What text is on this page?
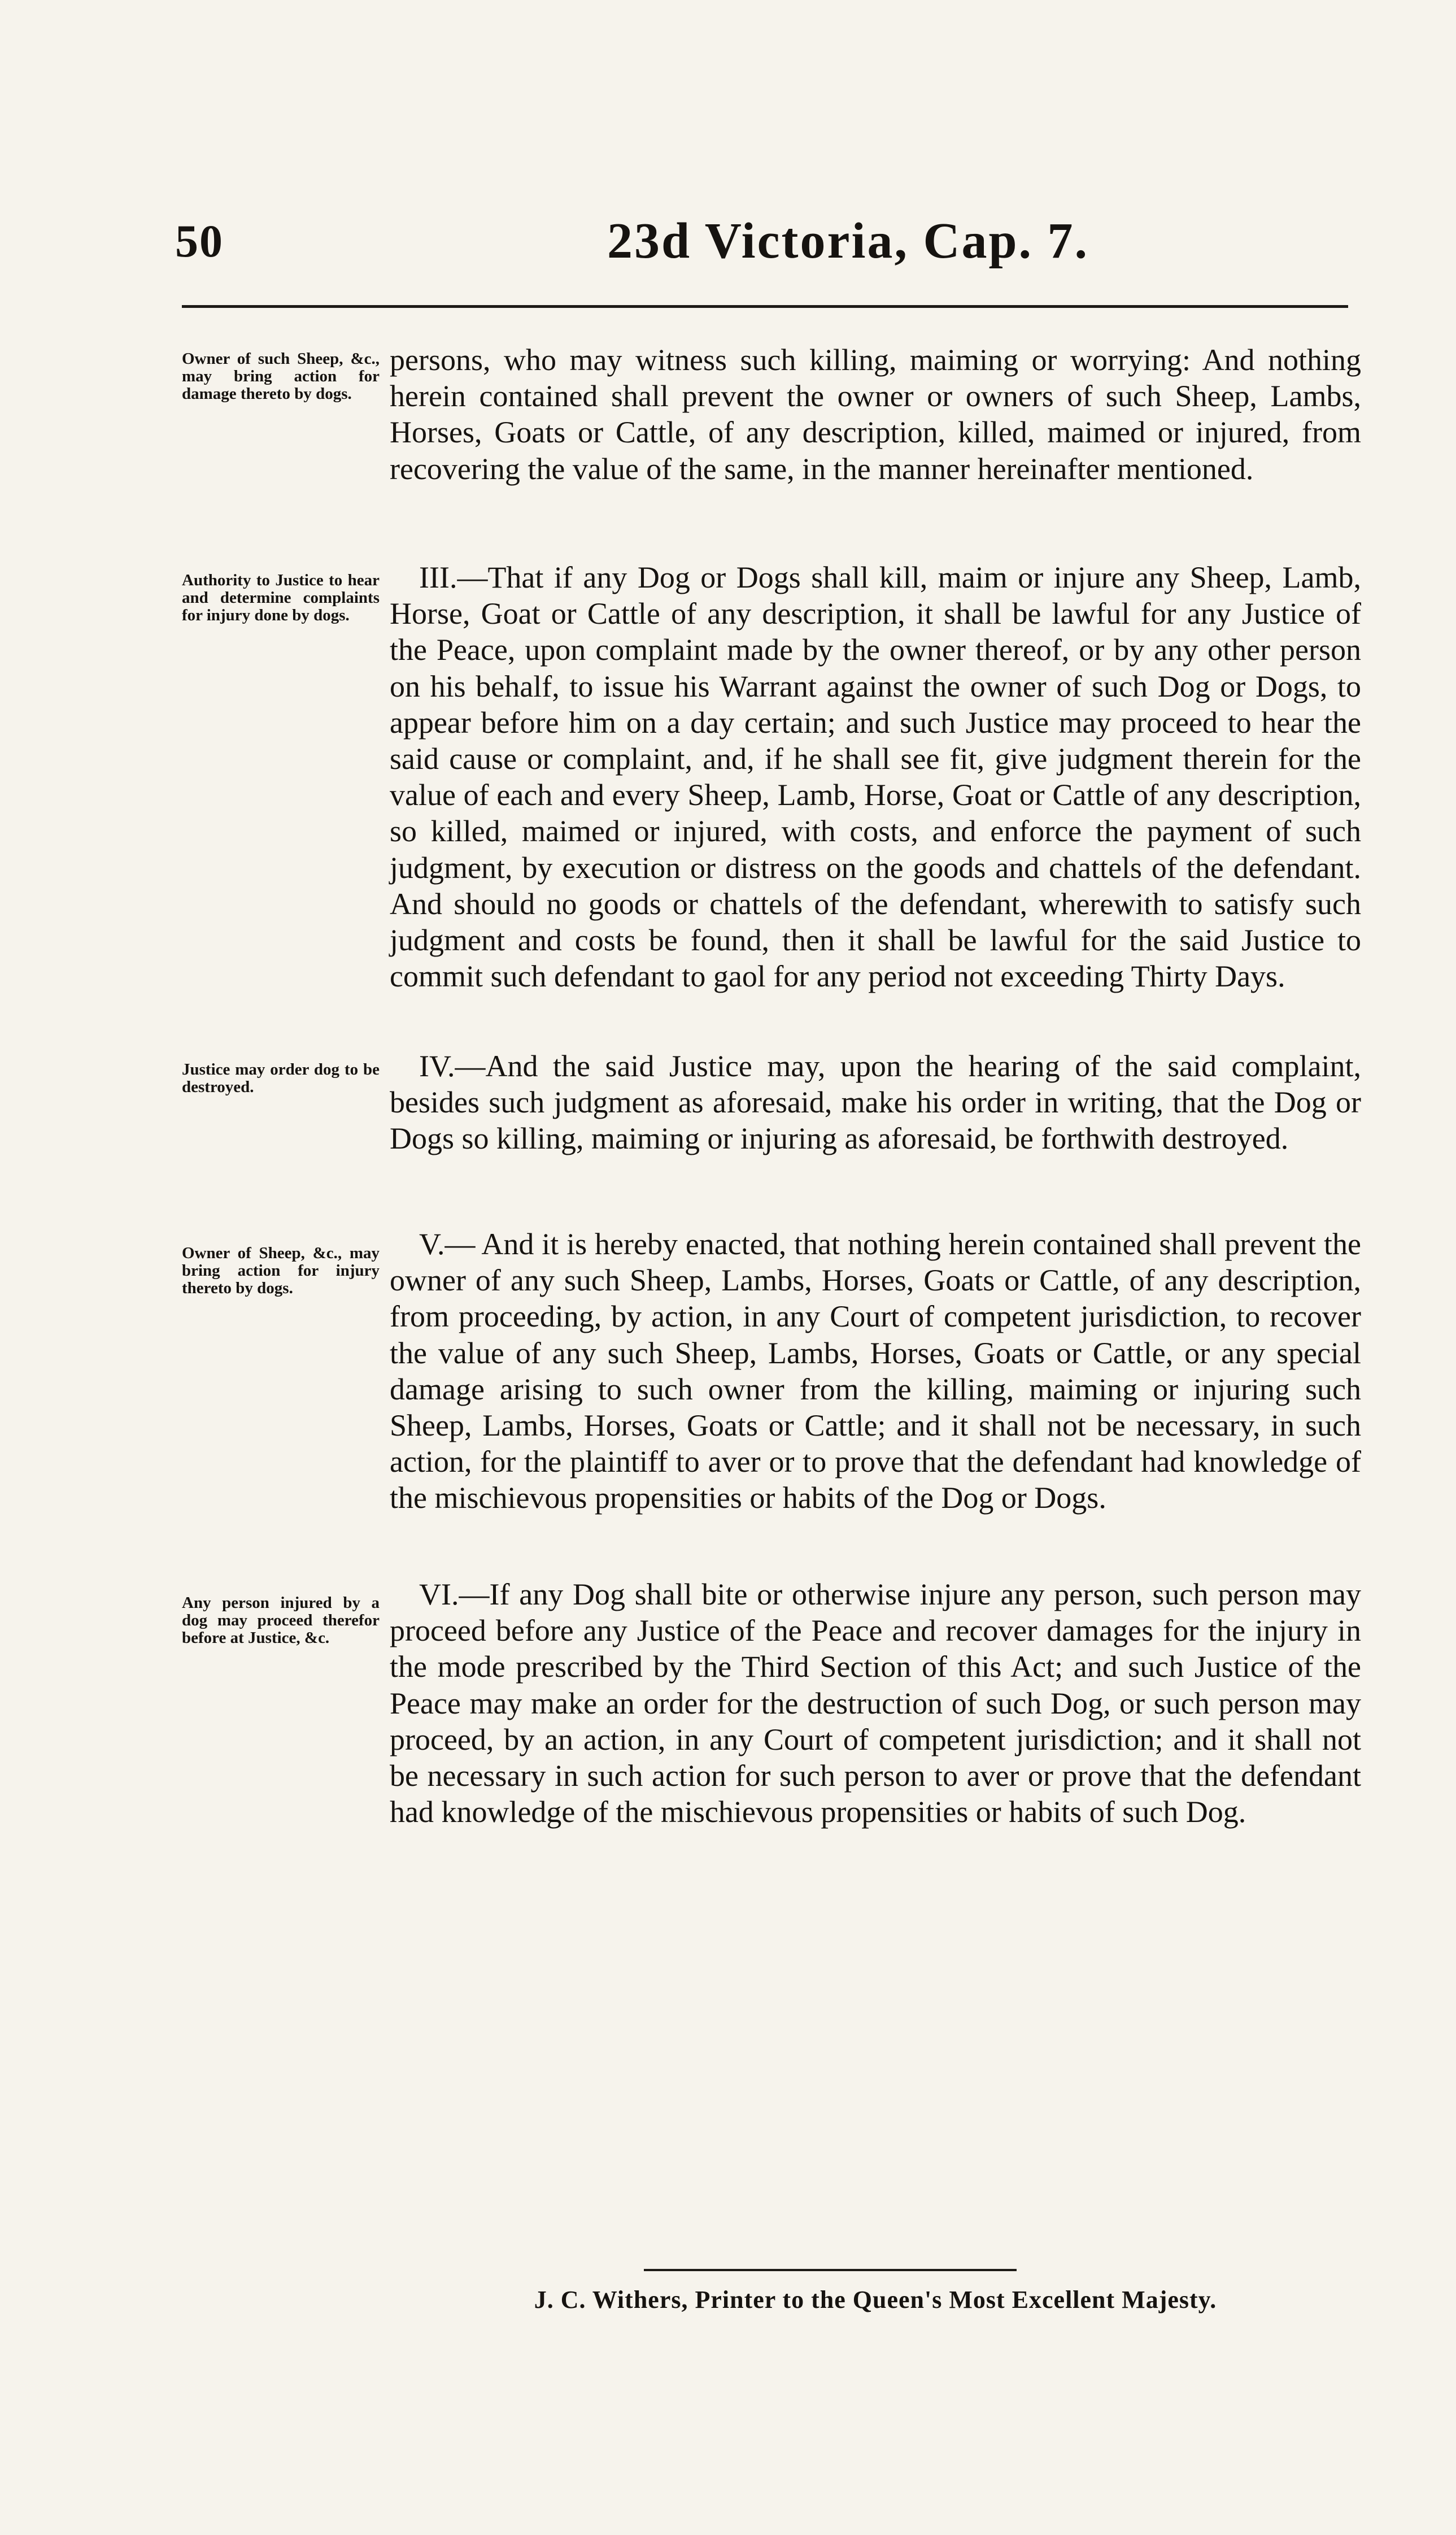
50	23d Victoria, Cap. 7.
Owner of such Sheep, &c., may bring action for damage thereto by dogs.

persons, who may witness such killing, maiming or worrying: And nothing herein contained shall prevent the owner or owners of such Sheep, Lambs, Horses, Goats or Cattle, of any description, killed, maimed or injured, from recovering the value of the same, in the manner hereinafter mentioned.

Authority to Justice to hear and determine complaints for injury done by dogs.

III.—That if any Dog or Dogs shall kill, maim or injure any Sheep, Lamb, Horse, Goat or Cattle of any description, it shall be lawful for any Justice of the Peace, upon complaint made by the owner thereof, or by any other person on his behalf, to issue his Warrant against the owner of such Dog or Dogs, to appear before him on a day certain; and such Justice may proceed to hear the said cause or complaint, and, if he shall see fit, give judgment therein for the value of each and every Sheep, Lamb, Horse, Goat or Cattle of any description, so killed, maimed or injured, with costs, and enforce the payment of such judgment, by execution or distress on the goods and chattels of the defendant. And should no goods or chattels of the defendant, wherewith to satisfy such judgment and costs be found, then it shall be lawful for the said Justice to commit such defendant to gaol for any period not exceeding Thirty Days.

Justice may order dog to be destroyed.

IV.—And the said Justice may, upon the hearing of the said complaint, besides such judgment as aforesaid, make his order in writing, that the Dog or Dogs so killing, maiming or injuring as aforesaid, be forthwith destroyed.

Owner of Sheep, &c., may bring action for injury thereto by dogs.

V.— And it is hereby enacted, that nothing herein contained shall prevent the owner of any such Sheep, Lambs, Horses, Goats or Cattle, of any description, from proceeding, by action, in any Court of competent jurisdiction, to recover the value of any such Sheep, Lambs, Horses, Goats or Cattle, or any special damage arising to such owner from the killing, maiming or injuring such Sheep, Lambs, Horses, Goats or Cattle; and it shall not be necessary, in such action, for the plaintiff to aver or to prove that the defendant had knowledge of the mischievous propensities or habits of the Dog or Dogs.

Any person injured by a dog may proceed therefor before at Justice, &c.

VI.—If any Dog shall bite or otherwise injure any person, such person may proceed before any Justice of the Peace and recover damages for the injury in the mode prescribed by the Third Section of this Act; and such Justice of the Peace may make an order for the destruction of such Dog, or such person may proceed, by an action, in any Court of competent jurisdiction; and it shall not be necessary in such action for such person to aver or prove that the defendant had knowledge of the mischievous propensities or habits of such Dog.

J. C. Withers, Printer to the Queen's Most Excellent Majesty.
